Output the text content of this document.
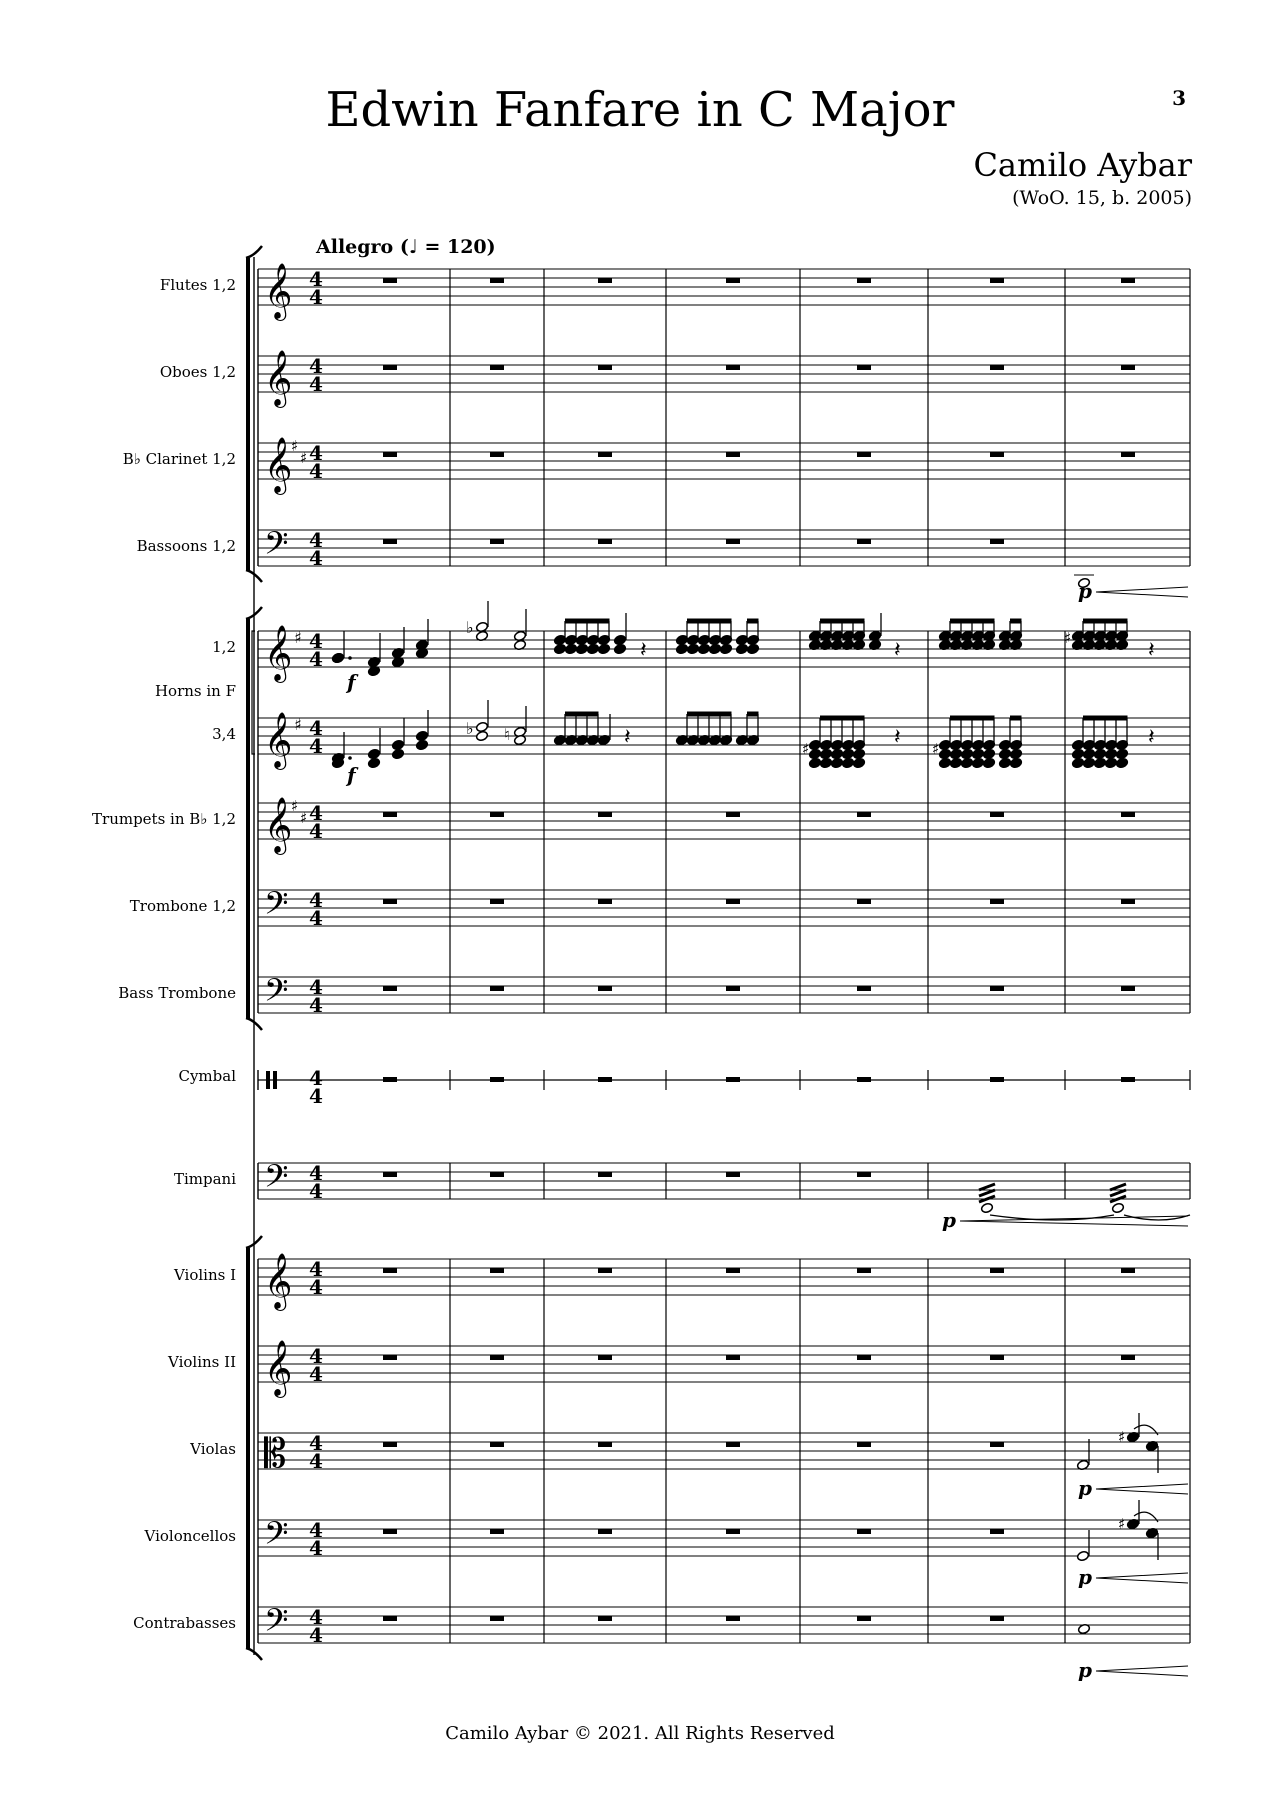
Edwin Fanfare in C Major	3
Camilo Aybar
(WoO. 15, b. 2005)
Allegro (♩ = 120)
Flutes 1,2
Oboes 1,2
B♭ Clarinet 1,2
Bassoons 1,2
Horns in F
Trumpets in B♭ 1,2
Trombone 1,2
Bass Trombone
Cymbal
Timpani
Violins I
Violins II
Violas
Violoncellos
Contrabasses
1,2
3,4
𝄞
𝄞
𝄞
𝄞
𝄞
𝄞
𝄞
𝄞
𝄢
𝄢
𝄢
𝄢
𝄢
𝄢
𝄡
♯
♯
♯
♯
♯
♯
4
4
4
4
4
4
4
4
4
4
4
4
4
4
4
4
4
4
4
4
4
4
4
4
4
4
4
4
4
4
4
4
f
♭
𝄽	𝄽	♯	𝄽
f
♭ ♮	𝄽	♯	𝄽 ♯	𝄽
p
p
♯
p
♯
p
p
Camilo Aybar © 2021. All Rights Reserved
